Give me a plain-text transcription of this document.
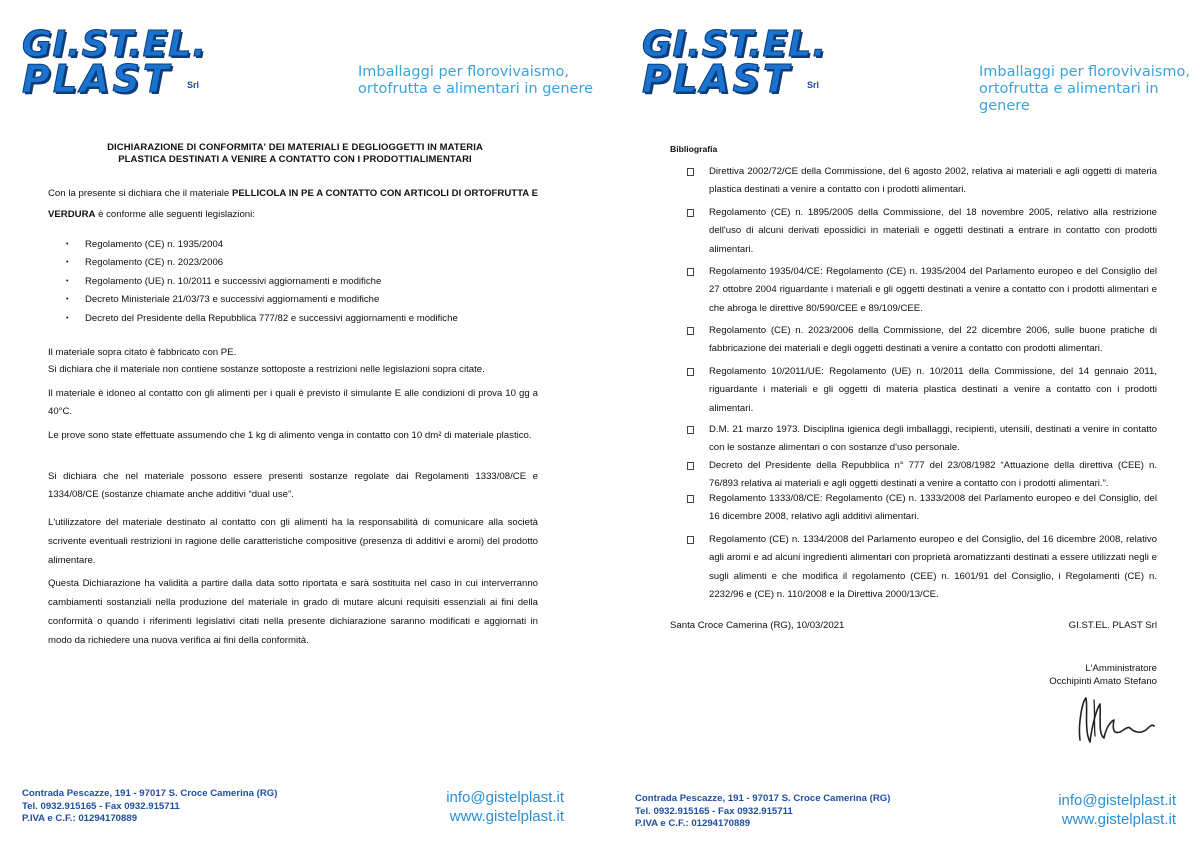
GI.ST.EL.
PLAST	Srl
Imballaggi per florovivaismo,
ortofrutta e alimentari in genere
DICHIARAZIONE DI CONFORMITA' DEI MATERIALI E DEGLIOGGETTI IN MATERIA
PLASTICA DESTINATI A VENIRE A CONTATTO CON I PRODOTTIALIMENTARI

Con la presente si dichiara che il materiale PELLICOLA IN PE A CONTATTO CON ARTICOLI DI ORTOFRUTTA E VERDURA è conforme alle seguenti legislazioni:

• Regolamento (CE) n. 1935/2004
• Regolamento (CE) n. 2023/2006
• Regolamento (UE) n. 10/2011 e successivi aggiornamenti e modifiche
• Decreto Ministeriale 21/03/73 e successivi aggiornamenti e modifiche
• Decreto del Presidente della Repubblica 777/82 e successivi aggiornamenti e modifiche

Il materiale sopra citato è fabbricato con PE.

Si dichiara che il materiale non contiene sostanze sottoposte a restrizioni nelle legislazioni sopra citate.

Il materiale è idoneo al contatto con gli alimenti per i quali è previsto il simulante E alle condizioni di prova 10 gg a 40°C.

Le prove sono state effettuate assumendo che 1 kg di alimento venga in contatto con 10 dm² di materiale plastico.

Si dichiara che nel materiale possono essere presenti sostanze regolate dai Regolamenti 1333/08/CE e 1334/08/CE (sostanze chiamate anche additivi “dual use”.

L'utilizzatore del materiale destinato al contatto con gli alimenti ha la responsabilità di comunicare alla società scrivente eventuali restrizioni in ragione delle caratteristiche compositive (presenza di additivi e aromi) del prodotto alimentare.

Questa Dichiarazione ha validità a partire dalla data sotto riportata e sarà sostituita nel caso in cui interverranno cambiamenti sostanziali nella produzione del materiale in grado di mutare alcuni requisiti essenziali ai fini della conformità o quando i riferimenti legislativi citati nella presente dichiarazione saranno modificati e aggiornati in modo da richiedere una nuova verifica ai fini della conformità.

Contrada Pescazze, 191 - 97017 S. Croce Camerina (RG)
Tel. 0932.915165 - Fax 0932.915711
P.IVA e C.F.: 01294170889
info@gistelplast.it
www.gistelplast.it
GI.ST.EL.
PLAST	Srl
Imballaggi per florovivaismo,
ortofrutta e alimentari in genere
Bibliografia
Direttiva 2002/72/CE della Commissione, del 6 agosto 2002, relativa ai materiali e agli oggetti di materia plastica destinati a venire a contatto con i prodotti alimentari.
Regolamento (CE) n. 1895/2005 della Commissione, del 18 novembre 2005, relativo alla restrizione dell'uso di alcuni derivati epossidici in materiali e oggetti destinati a entrare in contatto con prodotti alimentari.
Regolamento 1935/04/CE: Regolamento (CE) n. 1935/2004 del Parlamento europeo e del Consiglio del 27 ottobre 2004 riguardante i materiali e gli oggetti destinati a venire a contatto con i prodotti alimentari e che abroga le direttive 80/590/CEE e 89/109/CEE.
Regolamento (CE) n. 2023/2006 della Commissione, del 22 dicembre 2006, sulle buone pratiche di fabbricazione dei materiali e degli oggetti destinati a venire a contatto con prodotti alimentari.
Regolamento 10/2011/UE: Regolamento (UE) n. 10/2011 della Commissione, del 14 gennaio 2011, riguardante i materiali e gli oggetti di materia plastica destinati a venire a contatto con i prodotti alimentari.
D.M. 21 marzo 1973. Disciplina igienica degli imballaggi, recipienti, utensili, destinati a venire in contatto con le sostanze alimentari o con sostanze d'uso personale.
Decreto del Presidente della Repubblica n° 777 del 23/08/1982 “Attuazione della direttiva (CEE) n. 76/893 relativa ai materiali e agli oggetti destinati a venire a contatto con i prodotti alimentari.”.
Regolamento 1333/08/CE: Regolamento (CE) n. 1333/2008 del Parlamento europeo e del Consiglio, del 16 dicembre 2008, relativo agli additivi alimentari.
Regolamento (CE) n. 1334/2008 del Parlamento europeo e del Consiglio, del 16 dicembre 2008, relativo agli aromi e ad alcuni ingredienti alimentari con proprietà aromatizzanti destinati a essere utilizzati negli e sugli alimenti e che modifica il regolamento (CEE) n. 1601/91 del Consiglio, i Regolamenti (CE) n. 2232/96 e (CE) n. 110/2008 e la Direttiva 2000/13/CE.
Santa Croce Camerina (RG), 10/03/2021	GI.ST.EL. PLAST Srl
L'Amministratore
Occhipinti Amato Stefano
Contrada Pescazze, 191 - 97017 S. Croce Camerina (RG)
Tel. 0932.915165 - Fax 0932.915711
P.IVA e C.F.: 01294170889
info@gistelplast.it
www.gistelplast.it
